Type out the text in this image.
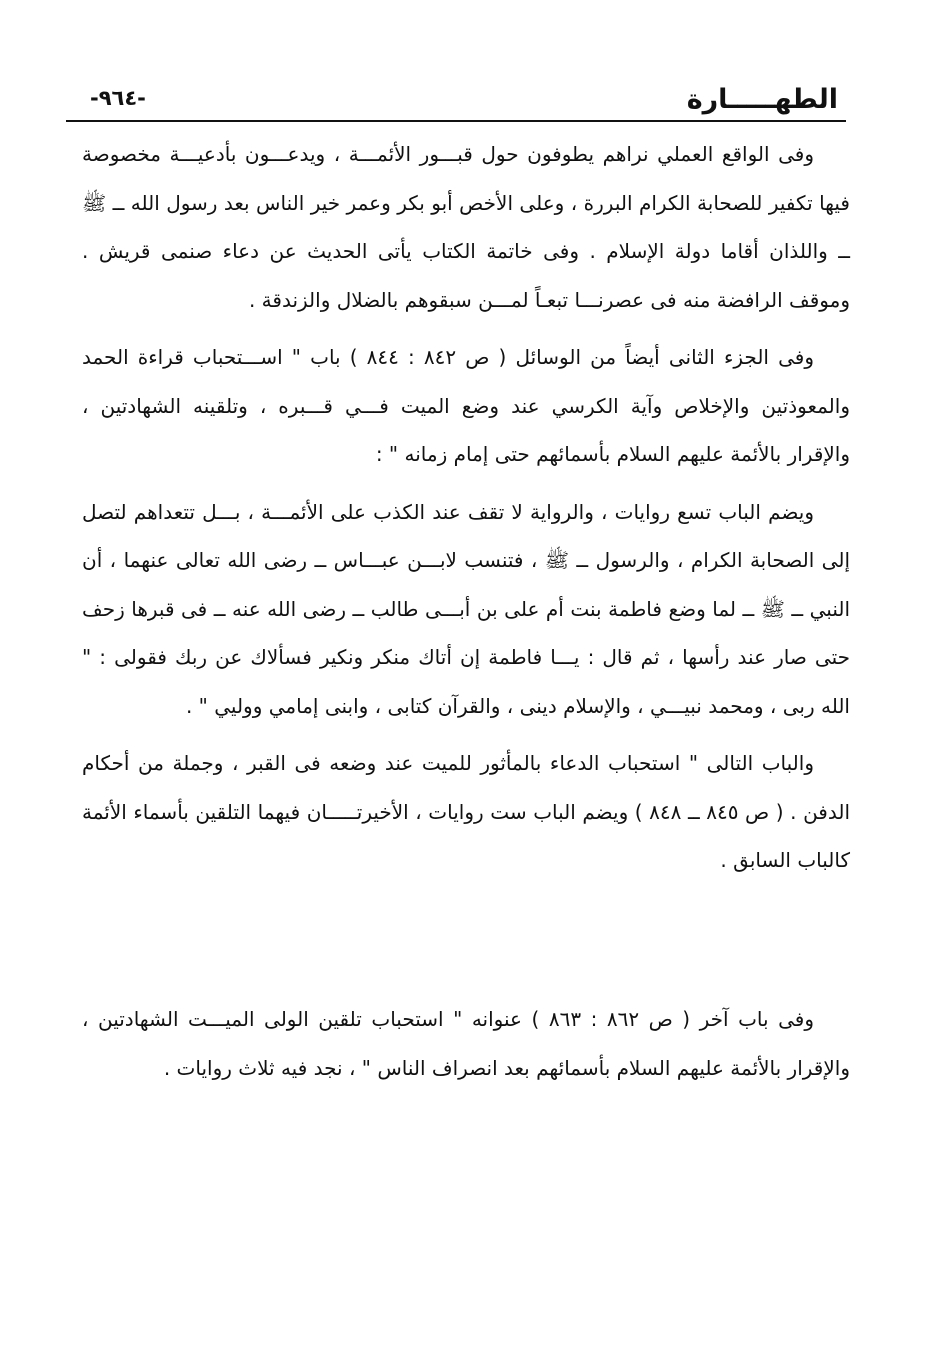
الطهـــــارة
-٩٦٤-

وفى الواقع العملي نراهم يطوفون حول قبـــور الأئمـــة ، ويدعـــون بأدعيـــة مخصوصة فيها تكفير للصحابة الكرام البررة ، وعلى الأخص أبو بكر وعمر خير الناس بعد رسول الله ــ ﷺ ــ واللذان أقاما دولة الإسلام . وفى خاتمة الكتاب يأتى الحديث عن دعاء صنمى قريش . وموقف الرافضة منه فى عصرنـــا تبعـاً لمـــن سبقوهم بالضلال والزندقة .

وفى الجزء الثانى أيضاً من الوسائل ( ص ٨٤٢ : ٨٤٤ ) باب " اســـتحباب قراءة الحمد والمعوذتين والإخلاص وآية الكرسي عند وضع الميت فـــي قـــبره ، وتلقينه الشهادتين ، والإقرار بالأئمة عليهم السلام بأسمائهم حتى إمام زمانه " :

ويضم الباب تسع روايات ، والرواية لا تقف عند الكذب على الأئمـــة ، بـــل تتعداهم لتصل إلى الصحابة الكرام ، والرسول ــ ﷺ ، فتنسب لابـــن عبـــاس ــ رضى الله تعالى عنهما ، أن النبي ــ ﷺ ــ لما وضع فاطمة بنت أم على بن أبـــى طالب ــ رضى الله عنه ــ فى قبرها زحف حتى صار عند رأسها ، ثم قال : يـــا فاطمة إن أتاك منكر ونكير فسألاك عن ربك فقولى : " الله ربى ، ومحمد نبيـــي ، والإسلام دينى ، والقرآن كتابى ، وابنى إمامي ووليي " .

والباب التالى " استحباب الدعاء بالمأثور للميت عند وضعه فى القبر ، وجملة من أحكام الدفن . ( ص ٨٤٥ ــ ٨٤٨ ) ويضم الباب ست روايات ، الأخيرتـــــان فيهما التلقين بأسماء الأئمة كالباب السابق .

وفى باب آخر ( ص ٨٦٢ : ٨٦٣ ) عنوانه " استحباب تلقين الولى الميـــت الشهادتين ، والإقرار بالأئمة عليهم السلام بأسمائهم بعد انصراف الناس " ، نجد فيه ثلاث روايات .
